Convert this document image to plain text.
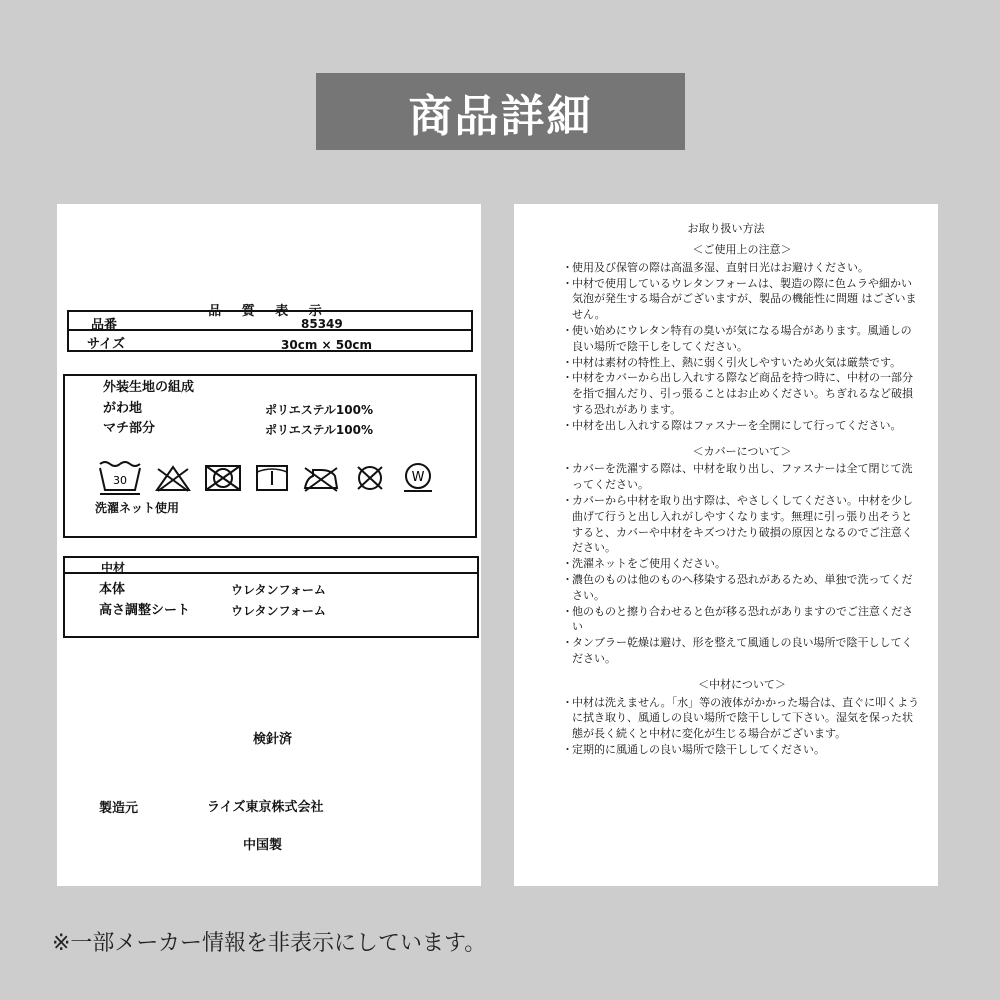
商品詳細
品 質 表 示
品番	85349
サイズ	30cm × 50cm
外装生地の組成
がわ地	ポリエステル100%
マチ部分	ポリエステル100%
30	W
洗濯ネット使用
中材
本体	ウレタンフォーム
高さ調整シート	ウレタンフォーム
検針済
製造元	ライズ東京株式会社
中国製
お取り扱い方法
＜ご使用上の注意＞
・ 使用及び保管の際は高温多湿、直射日光はお避けください。
・ 中材で使用しているウレタンフォームは、製造の際に色ムラや細かい気泡が発生する場合がございますが、製品の機能性に問題 はございません。
・ 使い始めにウレタン特有の臭いが気になる場合があります。風通しの良い場所で陰干しをしてください。
・ 中材は素材の特性上、熱に弱く引火しやすいため火気は厳禁です。
・ 中材をカバーから出し入れする際など商品を持つ時に、中材の一部分を指で掴んだり、引っ張ることはお止めください。ちぎれるなど破損する恐れがあります。
・ 中材を出し入れする際はファスナーを全開にして行ってください。
＜カバーについて＞
・ カバーを洗濯する際は、中材を取り出し、ファスナーは全て閉じて洗ってください。
・ カバーから中材を取り出す際は、やさしくしてください。中材を少し曲げて行うと出し入れがしやすくなります。無理に引っ張り出そうとすると、カバーや中材をキズつけたり破損の原因となるのでご注意ください。
・ 洗濯ネットをご使用ください。
・ 濃色のものは他のものへ移染する恐れがあるため、単独で洗ってください。
・ 他のものと擦り合わせると色が移る恐れがありますのでご注意ください
・ タンブラー乾燥は避け、形を整えて風通しの良い場所で陰干ししてください。
＜中材について＞
・ 中材は洗えません。「水」等の液体がかかった場合は、直ぐに叩くように拭き取り、風通しの良い場所で陰干しして下さい。湿気を保った状態が長く続くと中材に変化が生じる場合がございます。
・ 定期的に風通しの良い場所で陰干ししてください。
※一部メーカー情報を非表示にしています。
